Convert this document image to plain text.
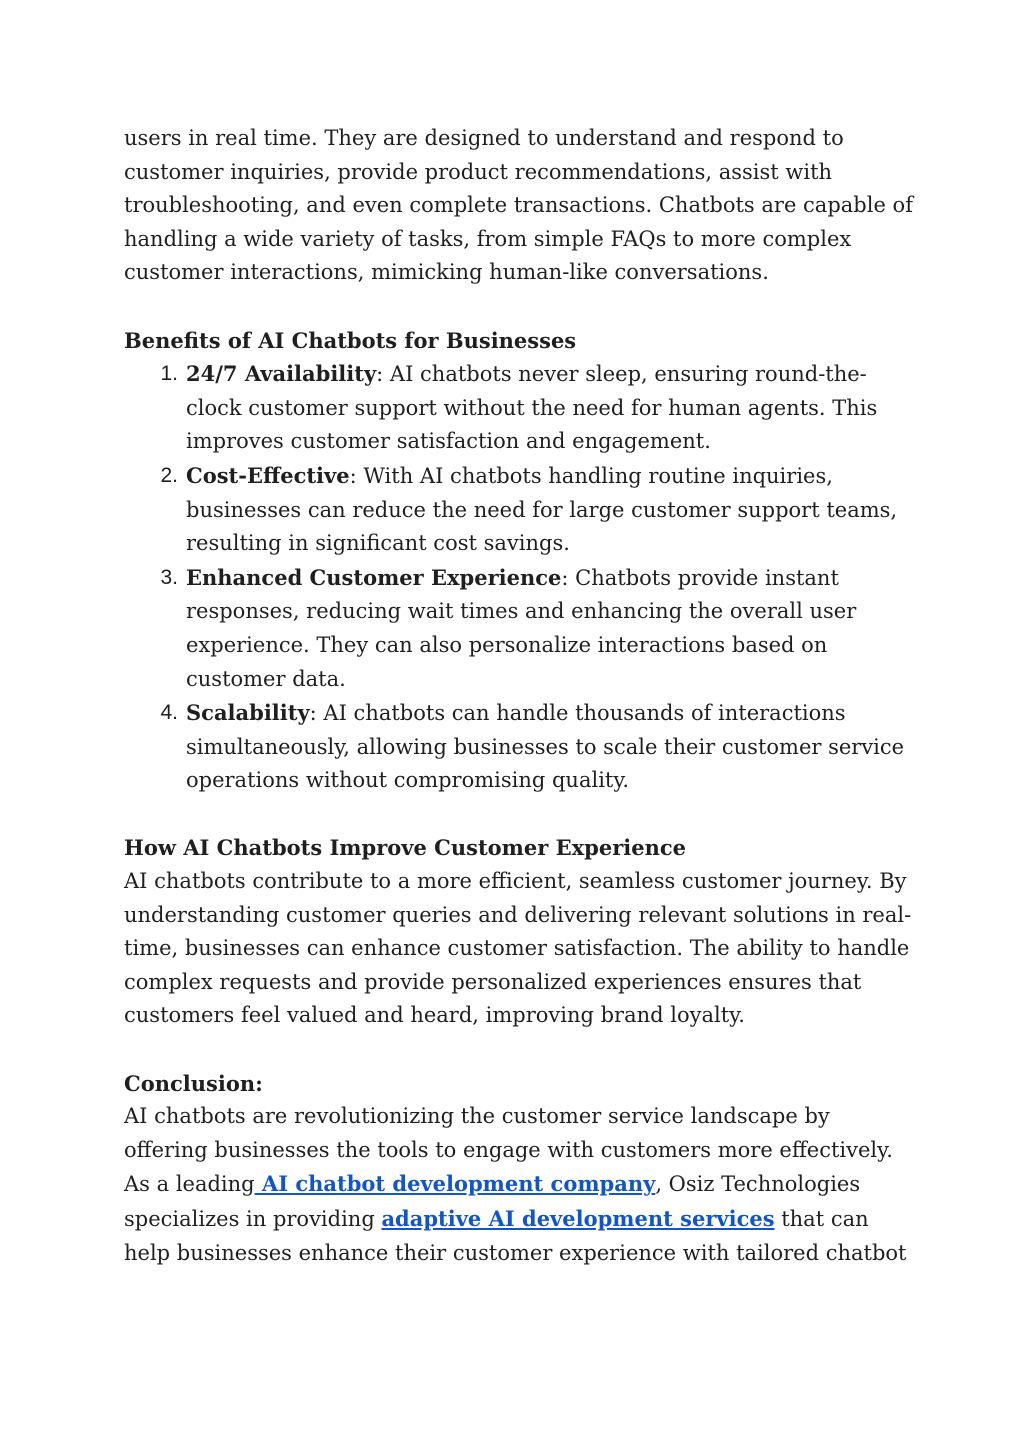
users in real time. They are designed to understand and respond to customer inquiries, provide product recommendations, assist with troubleshooting, and even complete transactions. Chatbots are capable of handling a wide variety of tasks, from simple FAQs to more complex customer interactions, mimicking human-like conversations.

Benefits of AI Chatbots for Businesses

1. 24/7 Availability: AI chatbots never sleep, ensuring round-the-clock customer support without the need for human agents. This improves customer satisfaction and engagement.
2. Cost-Effective: With AI chatbots handling routine inquiries, businesses can reduce the need for large customer support teams, resulting in significant cost savings.
3. Enhanced Customer Experience: Chatbots provide instant responses, reducing wait times and enhancing the overall user experience. They can also personalize interactions based on customer data.
4. Scalability: AI chatbots can handle thousands of interactions simultaneously, allowing businesses to scale their customer service operations without compromising quality.

How AI Chatbots Improve Customer Experience

AI chatbots contribute to a more efficient, seamless customer journey. By understanding customer queries and delivering relevant solutions in real-time, businesses can enhance customer satisfaction. The ability to handle complex requests and provide personalized experiences ensures that customers feel valued and heard, improving brand loyalty.

Conclusion:

AI chatbots are revolutionizing the customer service landscape by offering businesses the tools to engage with customers more effectively. As a leading AI chatbot development company, Osiz Technologies specializes in providing adaptive AI development services that can help businesses enhance their customer experience with tailored chatbot
